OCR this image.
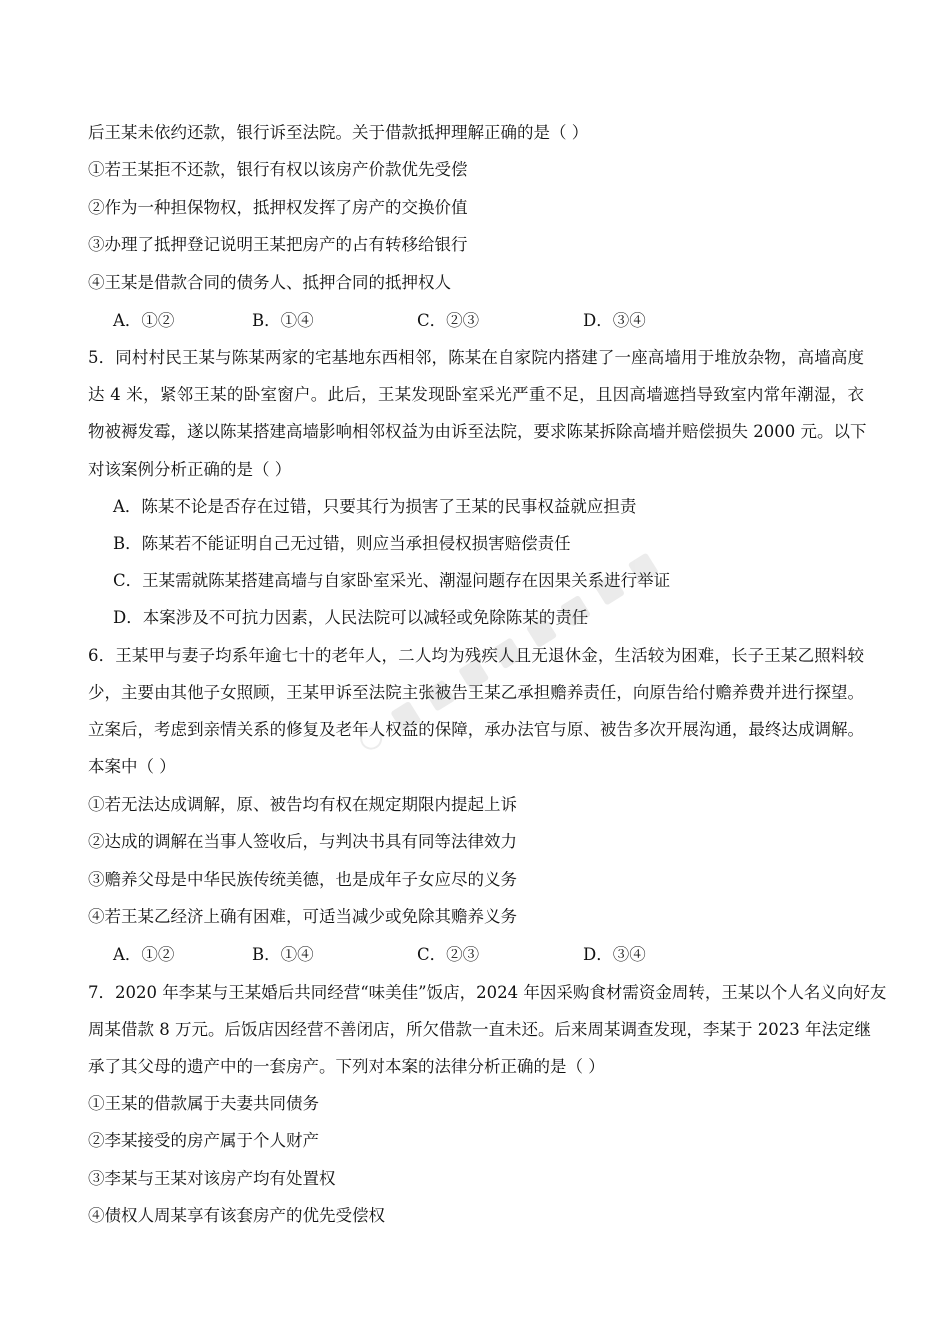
后王某未依约还款，银行诉至法院。关于借款抵押理解正确的是（ ）
①若王某拒不还款，银行有权以该房产价款优先受偿
②作为一种担保物权，抵押权发挥了房产的交换价值
③办理了抵押登记说明王某把房产的占有转移给银行
④王某是借款合同的债务人、抵押合同的抵押权人
A．①②	B．①④	C．②③	D．③④
5．同村村民王某与陈某两家的宅基地东西相邻，陈某在自家院内搭建了一座高墙用于堆放杂物，高墙高度
达 4 米，紧邻王某的卧室窗户。此后，王某发现卧室采光严重不足，且因高墙遮挡导致室内常年潮湿，衣
物被褥发霉，遂以陈某搭建高墙影响相邻权益为由诉至法院，要求陈某拆除高墙并赔偿损失 2000 元。以下
对该案例分析正确的是（ ）
A．陈某不论是否存在过错，只要其行为损害了王某的民事权益就应担责
B．陈某若不能证明自己无过错，则应当承担侵权损害赔偿责任
C．王某需就陈某搭建高墙与自家卧室采光、潮湿问题存在因果关系进行举证
D．本案涉及不可抗力因素，人民法院可以减轻或免除陈某的责任
6．王某甲与妻子均系年逾七十的老年人，二人均为残疾人且无退休金，生活较为困难，长子王某乙照料较
少，主要由其他子女照顾，王某甲诉至法院主张被告王某乙承担赡养责任，向原告给付赡养费并进行探望。
立案后，考虑到亲情关系的修复及老年人权益的保障，承办法官与原、被告多次开展沟通，最终达成调解。
本案中（ ）
①若无法达成调解，原、被告均有权在规定期限内提起上诉
②达成的调解在当事人签收后，与判决书具有同等法律效力
③赡养父母是中华民族传统美德，也是成年子女应尽的义务
④若王某乙经济上确有困难，可适当减少或免除其赡养义务
A．①②	B．①④	C．②③	D．③④
7．2020 年李某与王某婚后共同经营“味美佳”饭店，2024 年因采购食材需资金周转，王某以个人名义向好友
周某借款 8 万元。后饭店因经营不善闭店，所欠借款一直未还。后来周某调查发现，李某于 2023 年法定继
承了其父母的遗产中的一套房产。下列对本案的法律分析正确的是（ ）
①王某的借款属于夫妻共同债务
②李某接受的房产属于个人财产
③李某与王某对该房产均有处置权
④债权人周某享有该套房产的优先受偿权
